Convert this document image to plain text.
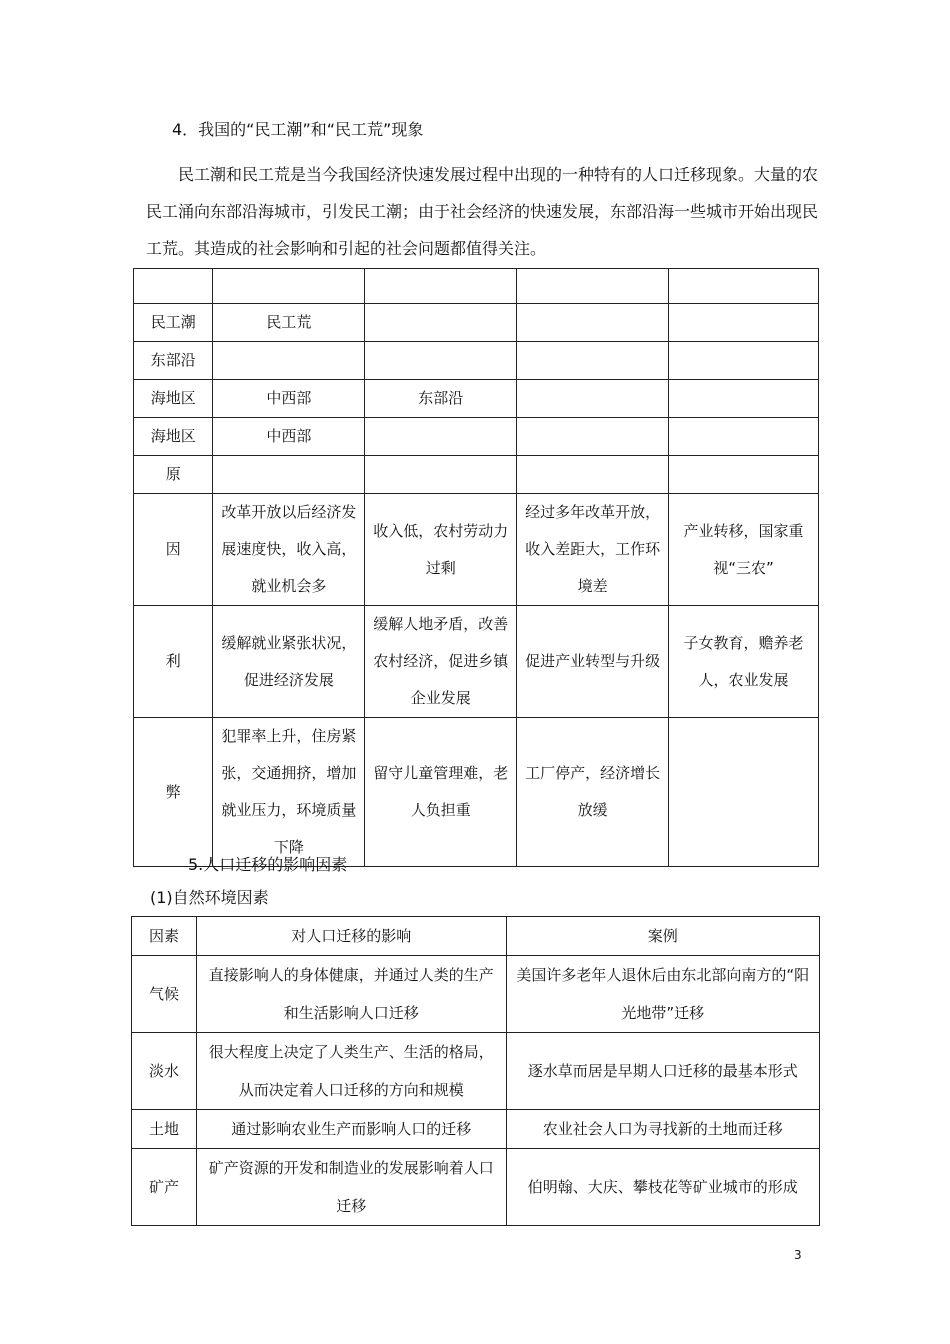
4．我国的“民工潮”和“民工荒”现象
民工潮和民工荒是当今我国经济快速发展过程中出现的一种特有的人口迁移现象。大量的农民工涌向东部沿海城市，引发民工潮；由于社会经济的快速发展，东部沿海一些城市开始出现民工荒。其造成的社会影响和引起的社会问题都值得关注。

民工潮	民工荒			
东部沿				
海地区	中西部	东部沿		
海地区	中西部			
原				
因	改革开放以后经济发展速度快，收入高，就业机会多	收入低，农村劳动力过剩	经过多年改革开放，收入差距大，工作环境差	产业转移，国家重视“三农”
利	缓解就业紧张状况，促进经济发展	缓解人地矛盾，改善农村经济，促进乡镇企业发展	促进产业转型与升级	子女教育，赡养老人，农业发展
弊	犯罪率上升，住房紧张，交通拥挤，增加就业压力，环境质量下降	留守儿童管理难，老人负担重	工厂停产，经济增长放缓	
5.人口迁移的影响因素
(1)自然环境因素
因素	对人口迁移的影响	案例
气候	直接影响人的身体健康，并通过人类的生产和生活影响人口迁移	美国许多老年人退休后由东北部向南方的“阳光地带”迁移
淡水	很大程度上决定了人类生产、生活的格局，从而决定着人口迁移的方向和规模	逐水草而居是早期人口迁移的最基本形式
土地	通过影响农业生产而影响人口的迁移	农业社会人口为寻找新的土地而迁移
矿产	矿产资源的开发和制造业的发展影响着人口迁移	伯明翰、大庆、攀枝花等矿业城市的形成
3
